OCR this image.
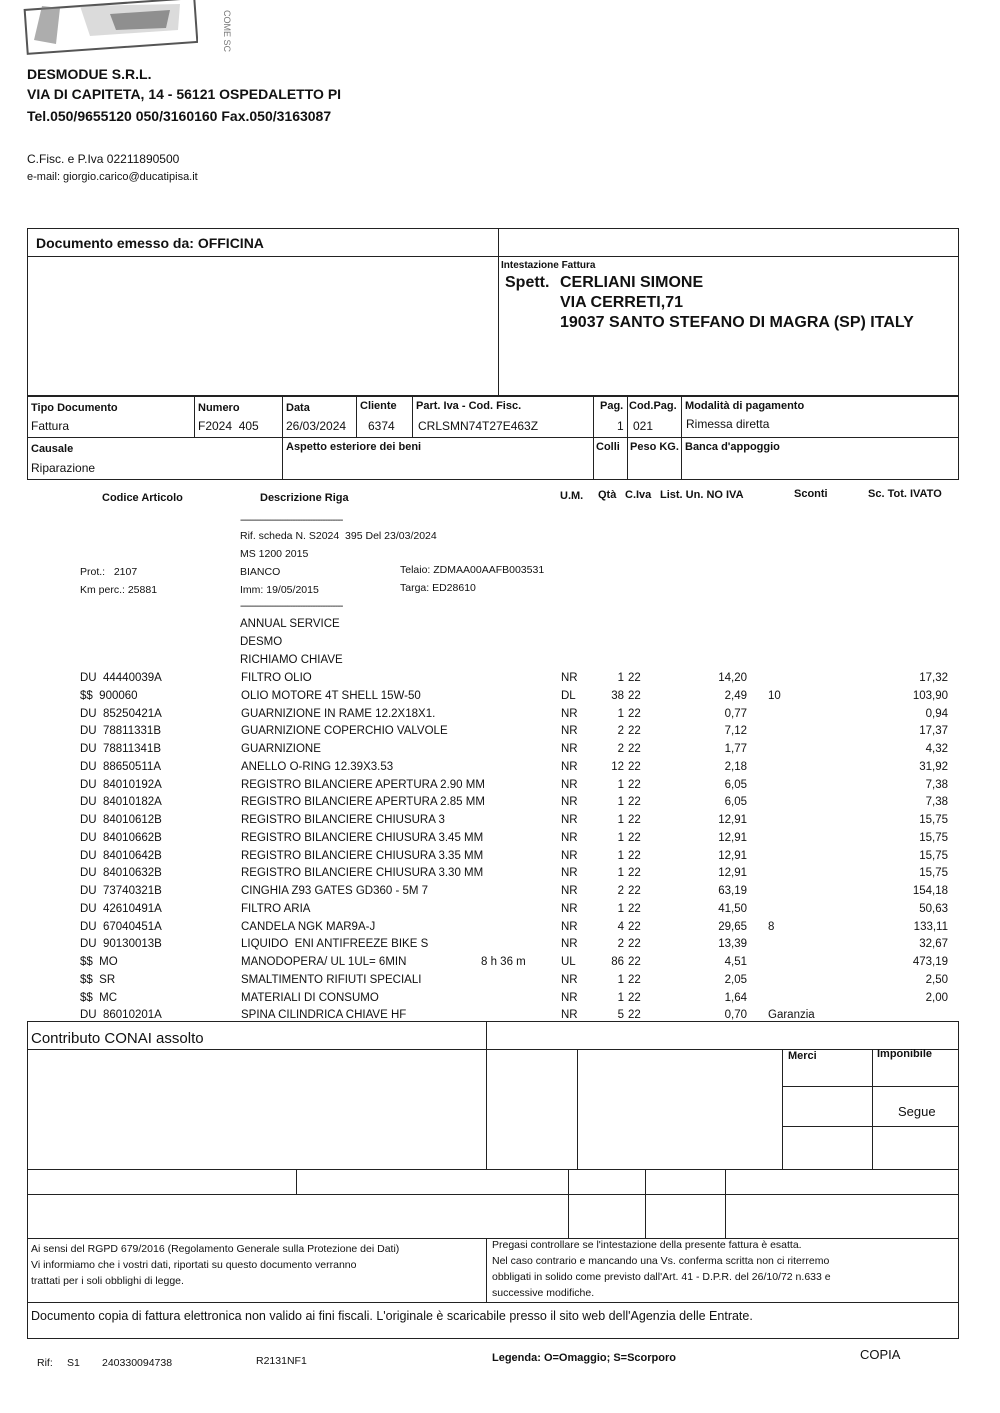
COME SC
DESMODUE S.R.L.
VIA DI CAPITETA, 14 - 56121 OSPEDALETTO PI
Tel.050/9655120 050/3160160 Fax.050/3163087
C.Fisc. e P.Iva 02211890500
e-mail: giorgio.carico@ducatipisa.it
Documento emesso da: OFFICINA
Intestazione Fattura
Spett. CERLIANI SIMONE
VIA CERRETI,71
19037 SANTO STEFANO DI MAGRA (SP) ITALY
Tipo Documento
Fattura
Numero
F2024  405
Data
26/03/2024
Cliente
6374
Part. Iva - Cod. Fisc.
CRLSMN74T27E463Z
Pag.
1
Cod.Pag.
021
Modalità di pagamento
Rimessa diretta
Causale
Riparazione
Aspetto esteriore dei beni	Colli Peso KG. Banca d'appoggio
Codice Articolo	Descrizione Riga	U.M. Qtà C.Iva List. Un. NO IVA	Sconti	Sc. Tot. IVATO
-----------------------------------------
Rif. scheda N. S2024  395 Del 23/03/2024
MS 1200 2015
Prot.:   2107	BIANCO	Telaio: ZDMAA00AAFB003531
Km perc.: 25881	Imm: 19/05/2015	Targa: ED28610
-----------------------------------------
ANNUAL SERVICE
DESMO
RICHIAMO CHIAVE
DU  44440039A	FILTRO OLIO	NR	1 22	14,20	17,32
$$  900060	OLIO MOTORE 4T SHELL 15W-50	DL	38 22	2,49 10	103,90
DU  85250421A	GUARNIZIONE IN RAME 12.2X18X1.	NR	1 22	0,77	0,94
DU  78811331B	GUARNIZIONE COPERCHIO VALVOLE	NR	2 22	7,12	17,37
DU  78811341B	GUARNIZIONE	NR	2 22	1,77	4,32
DU  88650511A	ANELLO O-RING 12.39X3.53	NR	12 22	2,18	31,92
DU  84010192A	REGISTRO BILANCIERE APERTURA 2.90 MM	NR	1 22	6,05	7,38
DU  84010182A	REGISTRO BILANCIERE APERTURA 2.85 MM	NR	1 22	6,05	7,38
DU  84010612B	REGISTRO BILANCIERE CHIUSURA 3	NR	1 22	12,91	15,75
DU  84010662B	REGISTRO BILANCIERE CHIUSURA 3.45 MM	NR	1 22	12,91	15,75
DU  84010642B	REGISTRO BILANCIERE CHIUSURA 3.35 MM	NR	1 22	12,91	15,75
DU  84010632B	REGISTRO BILANCIERE CHIUSURA 3.30 MM	NR	1 22	12,91	15,75
DU  73740321B	CINGHIA Z93 GATES GD360 - 5M 7	NR	2 22	63,19	154,18
DU  42610491A	FILTRO ARIA	NR	1 22	41,50	50,63
DU  67040451A	CANDELA NGK MAR9A-J	NR	4 22	29,65 8	133,11
DU  90130013B	LIQUIDO  ENI ANTIFREEZE BIKE S	NR	2 22	13,39	32,67
$$  MO	MANODOPERA/ UL 1UL= 6MIN	8 h 36 m	UL	86 22	4,51	473,19
$$  SR	SMALTIMENTO RIFIUTI SPECIALI	NR	1 22	2,05	2,50
$$  MC	MATERIALI DI CONSUMO	NR	1 22	1,64	2,00
DU  86010201A	SPINA CILINDRICA CHIAVE HF	NR	5 22	0,70 Garanzia
Contributo CONAI assolto
Merci	Imponibile
Segue
Ai sensi del RGPD 679/2016 (Regolamento Generale sulla Protezione dei Dati)
Vi informiamo che i vostri dati, riportati su questo documento verranno
trattati per i soli obblighi di legge.
Pregasi controllare se l'intestazione della presente fattura è esatta.
Nel caso contrario e mancando una Vs. conferma scritta non ci riterremo
obbligati in solido come previsto dall'Art. 41 - D.P.R. del 26/10/72 n.633 e
successive modifiche.
Documento copia di fattura elettronica non valido ai fini fiscali. L'originale è scaricabile presso il sito web dell'Agenzia delle Entrate.
Rif: S1 240330094738	R2131NF1	Legenda: O=Omaggio; S=Scorporo	COPIA
